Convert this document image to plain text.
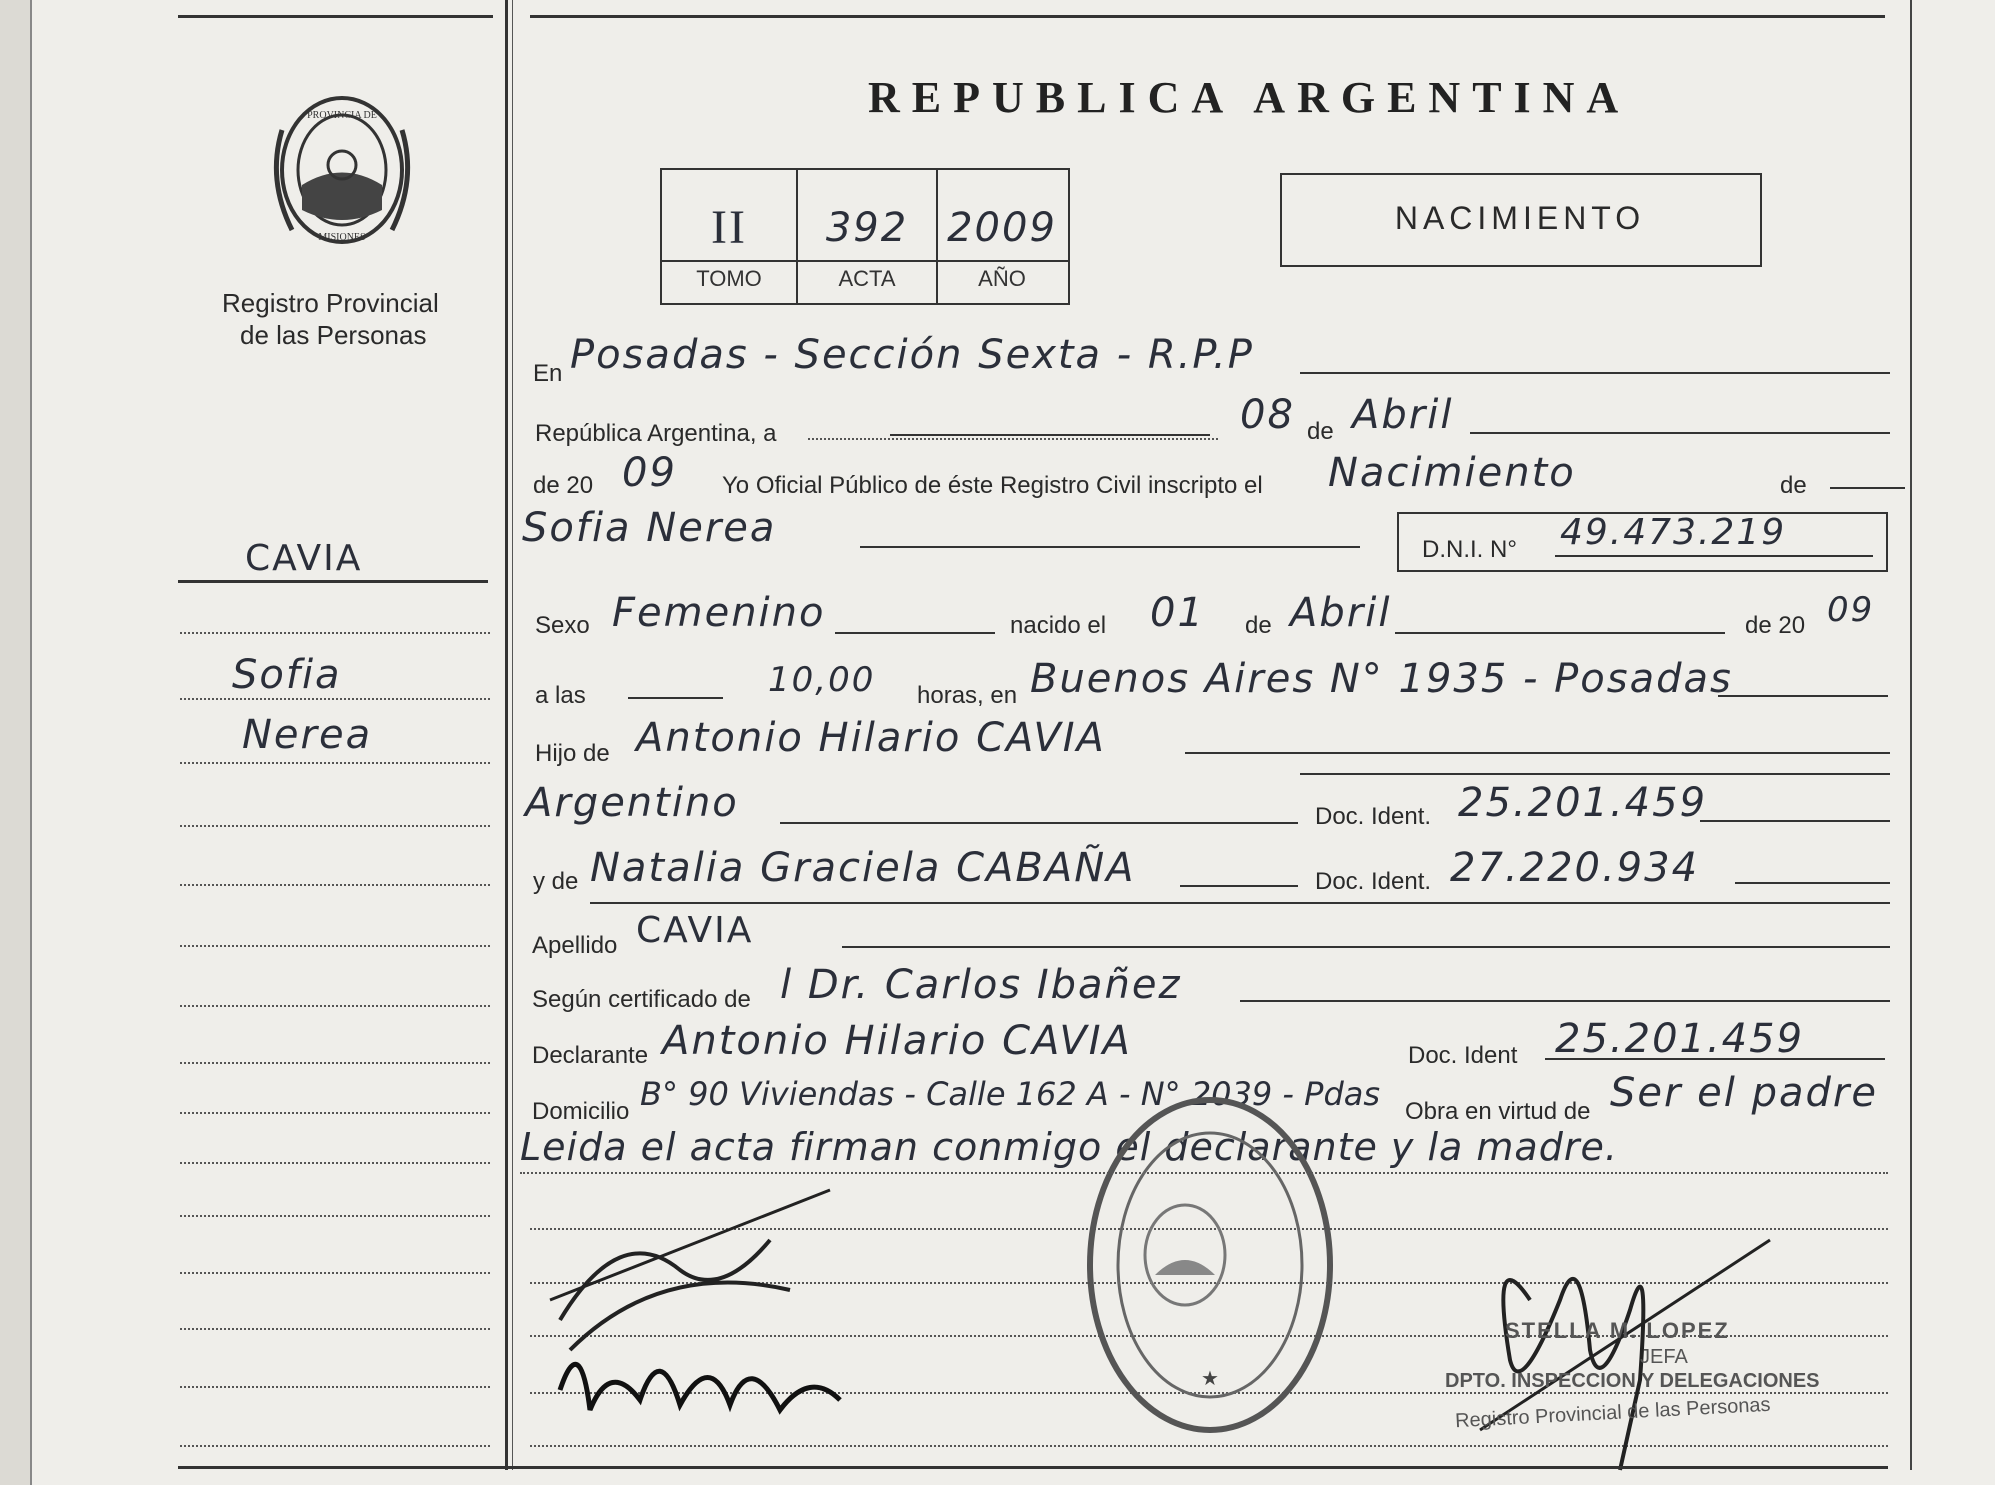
PROVINCIA DE
MISIONES
Registro Provincial
de las Personas
REPUBLICA ARGENTINA
II	392 2009
TOMO	ACTA	AÑO
NACIMIENTO
CAVIA
Sofia
Nerea
En Posadas - Sección Sexta - R.P.P
República Argentina, a	08 de Abril
de 20 09 Yo Oficial Público de éste Registro Civil inscripto el Nacimiento	de
Sofia Nerea	D.N.I. N° 49.473.219
Sexo Femenino	nacido el 01 de Abril	de 20 09
a las	10,00 horas, en Buenos Aires N° 1935 - Posadas
Hijo de Antonio Hilario CAVIA
Argentino	Doc. Ident. 25.201.459
y de Natalia Graciela CABAÑA	Doc. Ident. 27.220.934
Apellido CAVIA
Según certificado de l Dr. Carlos Ibañez
Declarante Antonio Hilario CAVIA	Doc. Ident 25.201.459
Domicilio B° 90 Viviendas - Calle 162 A - N° 2039 - Pdas Obra en virtud de Ser el padre
Leida el acta firman conmigo el declarante y la madre.
★
STELLA M. LOPEZ
JEFA
DPTO. INSPECCION Y DELEGACIONES
Registro Provincial de las Personas
